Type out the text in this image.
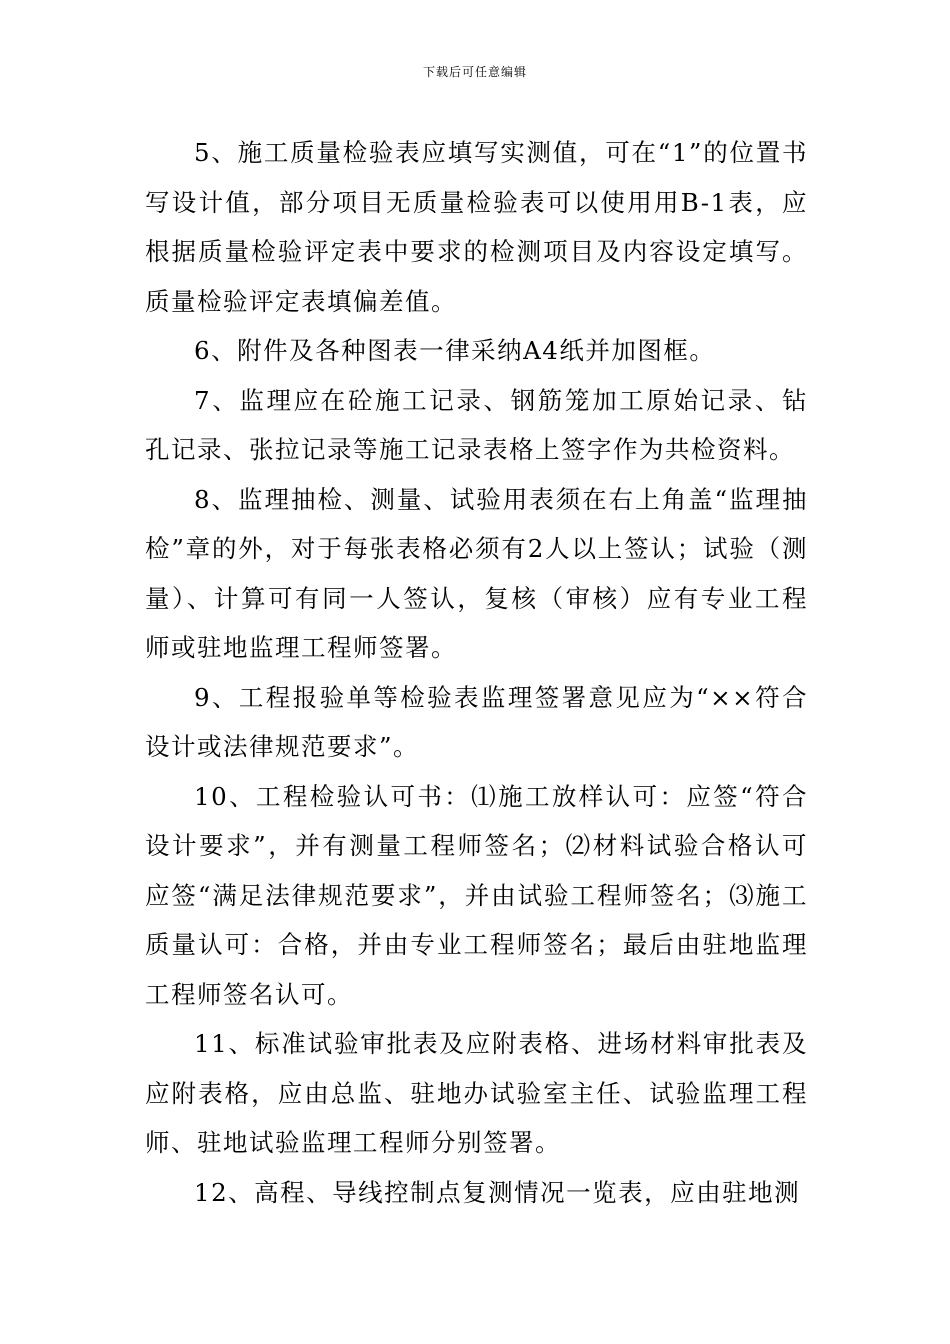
下载后可任意编辑

5、施工质量检验表应填写实测值，可在“1”的位置书写设计值，部分项目无质量检验表可以使用用B-1表，应根据质量检验评定表中要求的检测项目及内容设定填写。质量检验评定表填偏差值。

6、附件及各种图表一律采纳A4纸并加图框。

7、监理应在砼施工记录、钢筋笼加工原始记录、钻孔记录、张拉记录等施工记录表格上签字作为共检资料。

8、监理抽检、测量、试验用表须在右上角盖“监理抽检”章的外，对于每张表格必须有2人以上签认；试验（测量）、计算可有同一人签认，复核（审核）应有专业工程师或驻地监理工程师签署。

9、工程报验单等检验表监理签署意见应为“××符合设计或法律规范要求”。

10、工程检验认可书：⑴施工放样认可：应签“符合设计要求”，并有测量工程师签名；⑵材料试验合格认可应签“满足法律规范要求”，并由试验工程师签名；⑶施工质量认可：合格，并由专业工程师签名；最后由驻地监理工程师签名认可。

11、标准试验审批表及应附表格、进场材料审批表及应附表格，应由总监、驻地办试验室主任、试验监理工程师、驻地试验监理工程师分别签署。

12、高程、导线控制点复测情况一览表，应由驻地测
